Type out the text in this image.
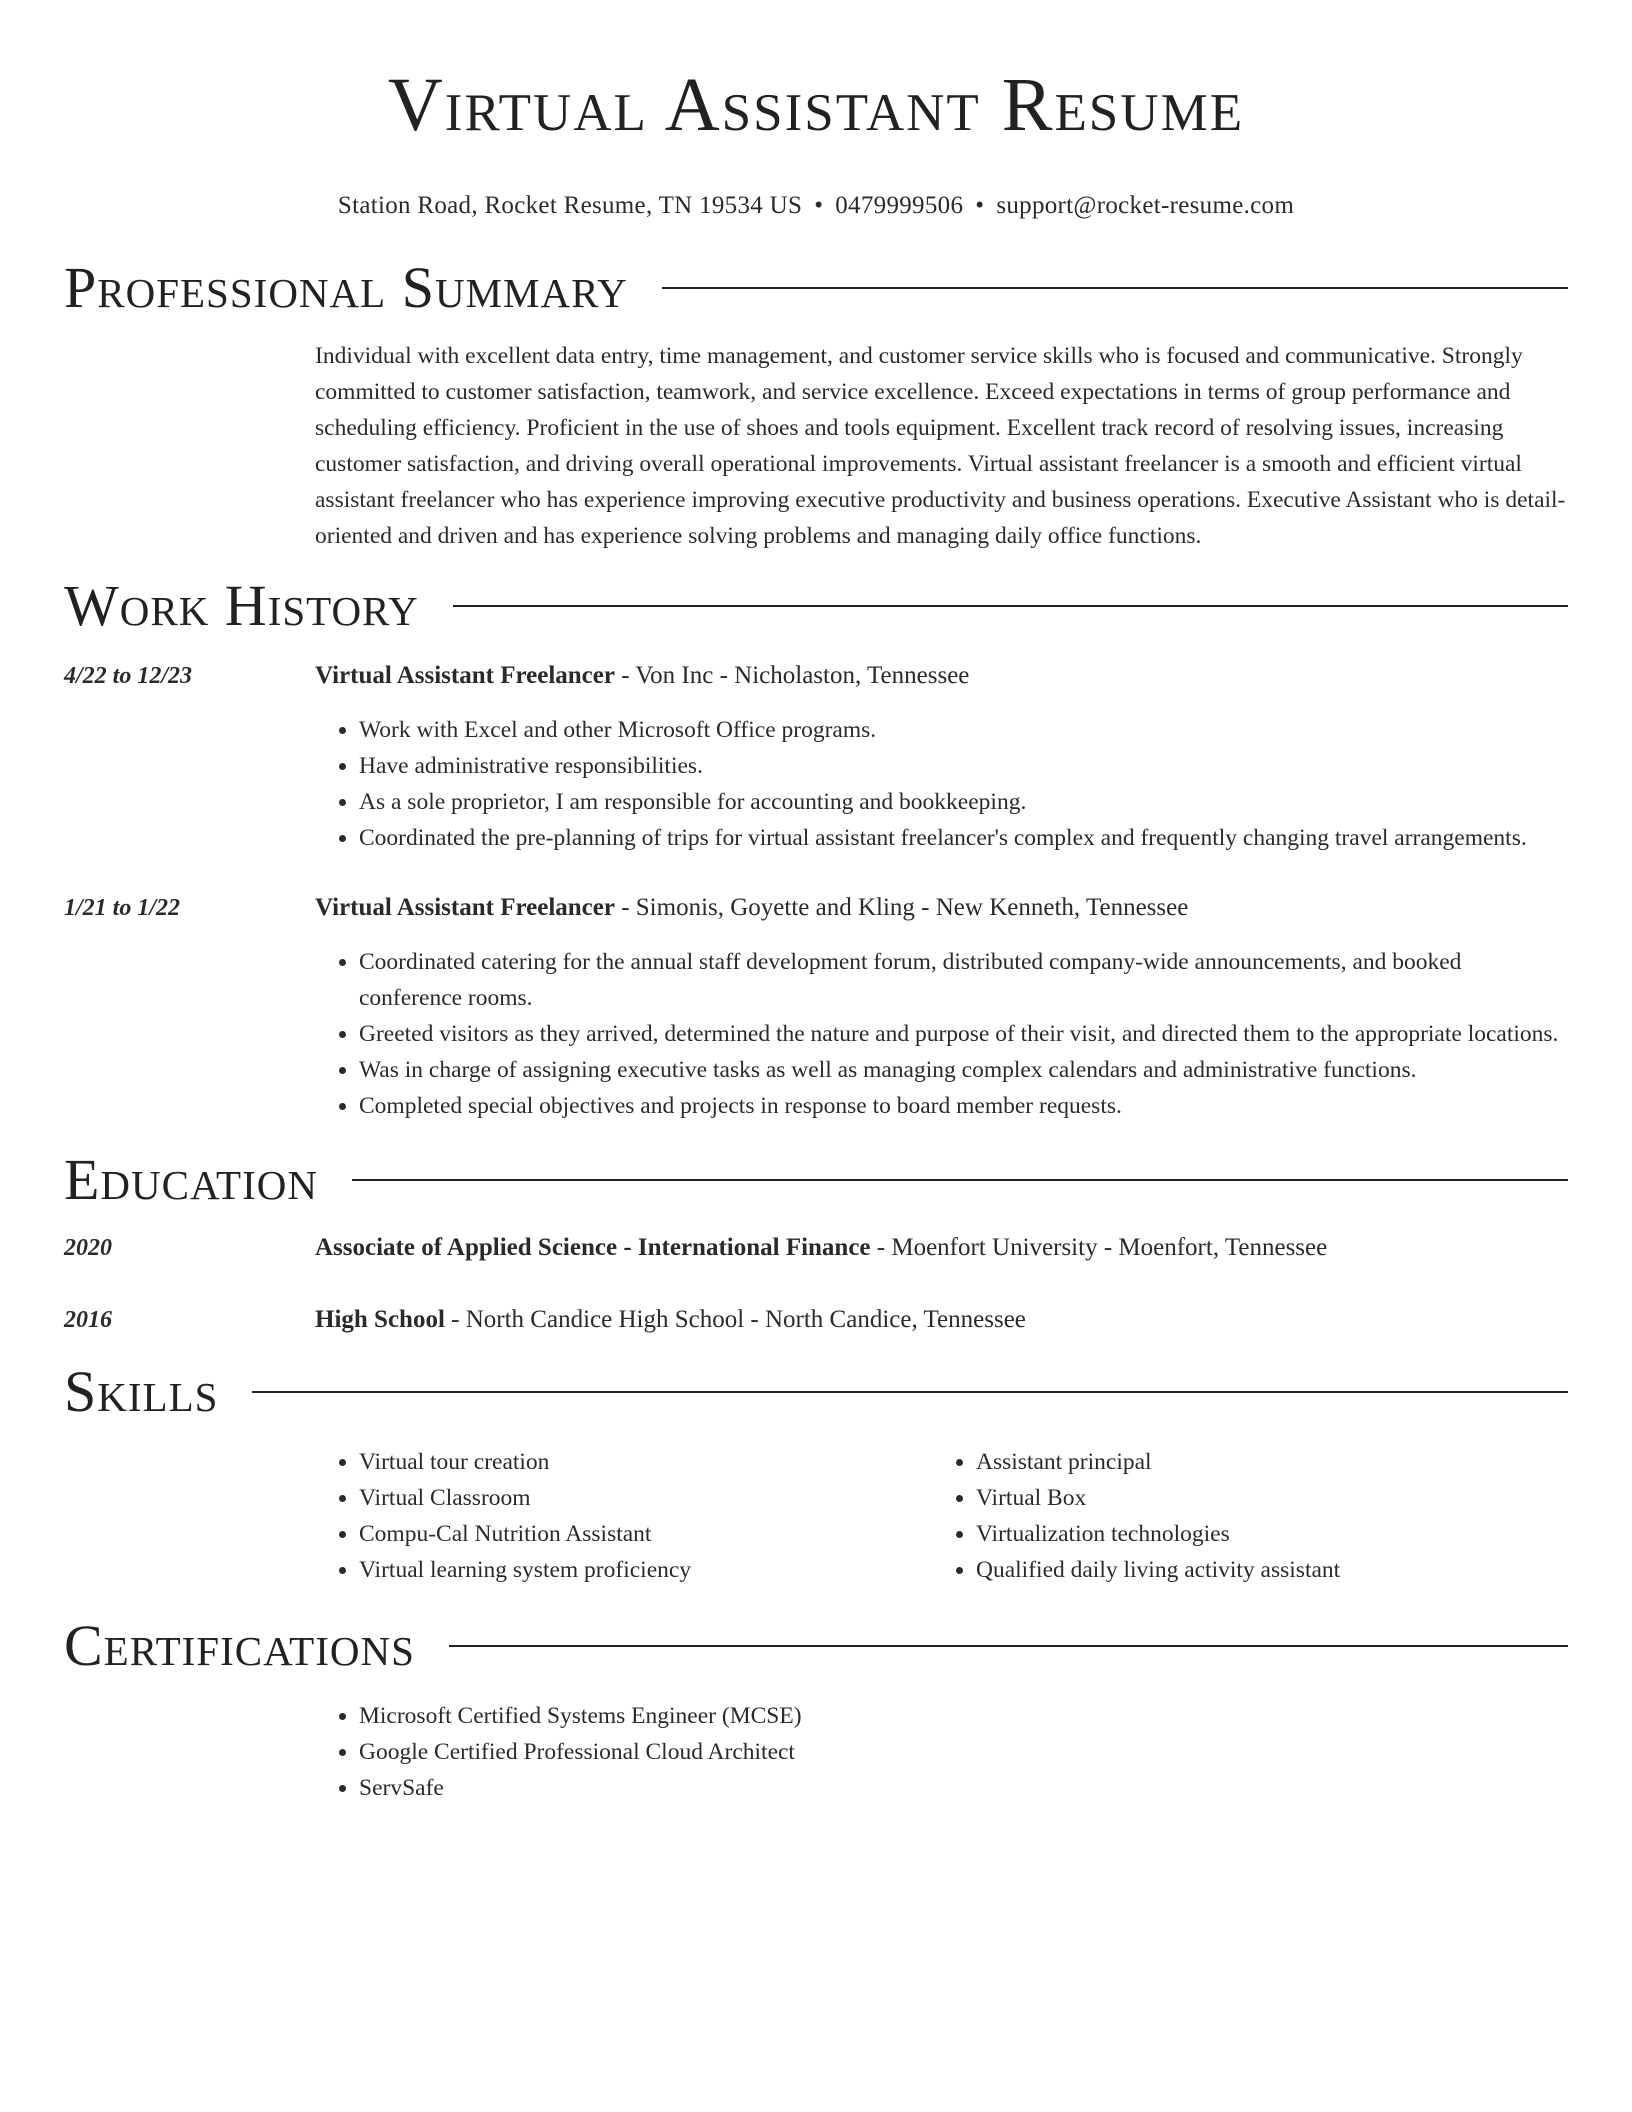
Virtual Assistant Resume
Station Road, Rocket Resume, TN 19534 US • 0479999506 • support@rocket-resume.com
Professional Summary
Individual with excellent data entry, time management, and customer service skills who is focused and communicative. Strongly committed to customer satisfaction, teamwork, and service excellence. Exceed expectations in terms of group performance and scheduling efficiency. Proficient in the use of shoes and tools equipment. Excellent track record of resolving issues, increasing customer satisfaction, and driving overall operational improvements. Virtual assistant freelancer is a smooth and efficient virtual assistant freelancer who has experience improving executive productivity and business operations. Executive Assistant who is detail-oriented and driven and has experience solving problems and managing daily office functions.
Work History
4/22 to 12/23	Virtual Assistant Freelancer - Von Inc - Nicholaston, Tennessee
• Work with Excel and other Microsoft Office programs.
• Have administrative responsibilities.
• As a sole proprietor, I am responsible for accounting and bookkeeping.
• Coordinated the pre-planning of trips for virtual assistant freelancer's complex and frequently changing travel arrangements.
1/21 to 1/22	Virtual Assistant Freelancer - Simonis, Goyette and Kling - New Kenneth, Tennessee
• Coordinated catering for the annual staff development forum, distributed company-wide announcements, and booked conference rooms.
• Greeted visitors as they arrived, determined the nature and purpose of their visit, and directed them to the appropriate locations.
• Was in charge of assigning executive tasks as well as managing complex calendars and administrative functions.
• Completed special objectives and projects in response to board member requests.
Education
2020	Associate of Applied Science - International Finance - Moenfort University - Moenfort, Tennessee
2016	High School - North Candice High School - North Candice, Tennessee
Skills
• Virtual tour creation
• Virtual Classroom
• Compu-Cal Nutrition Assistant
• Virtual learning system proficiency
• Assistant principal
• Virtual Box
• Virtualization technologies
• Qualified daily living activity assistant
Certifications
• Microsoft Certified Systems Engineer (MCSE)
• Google Certified Professional Cloud Architect
• ServSafe
